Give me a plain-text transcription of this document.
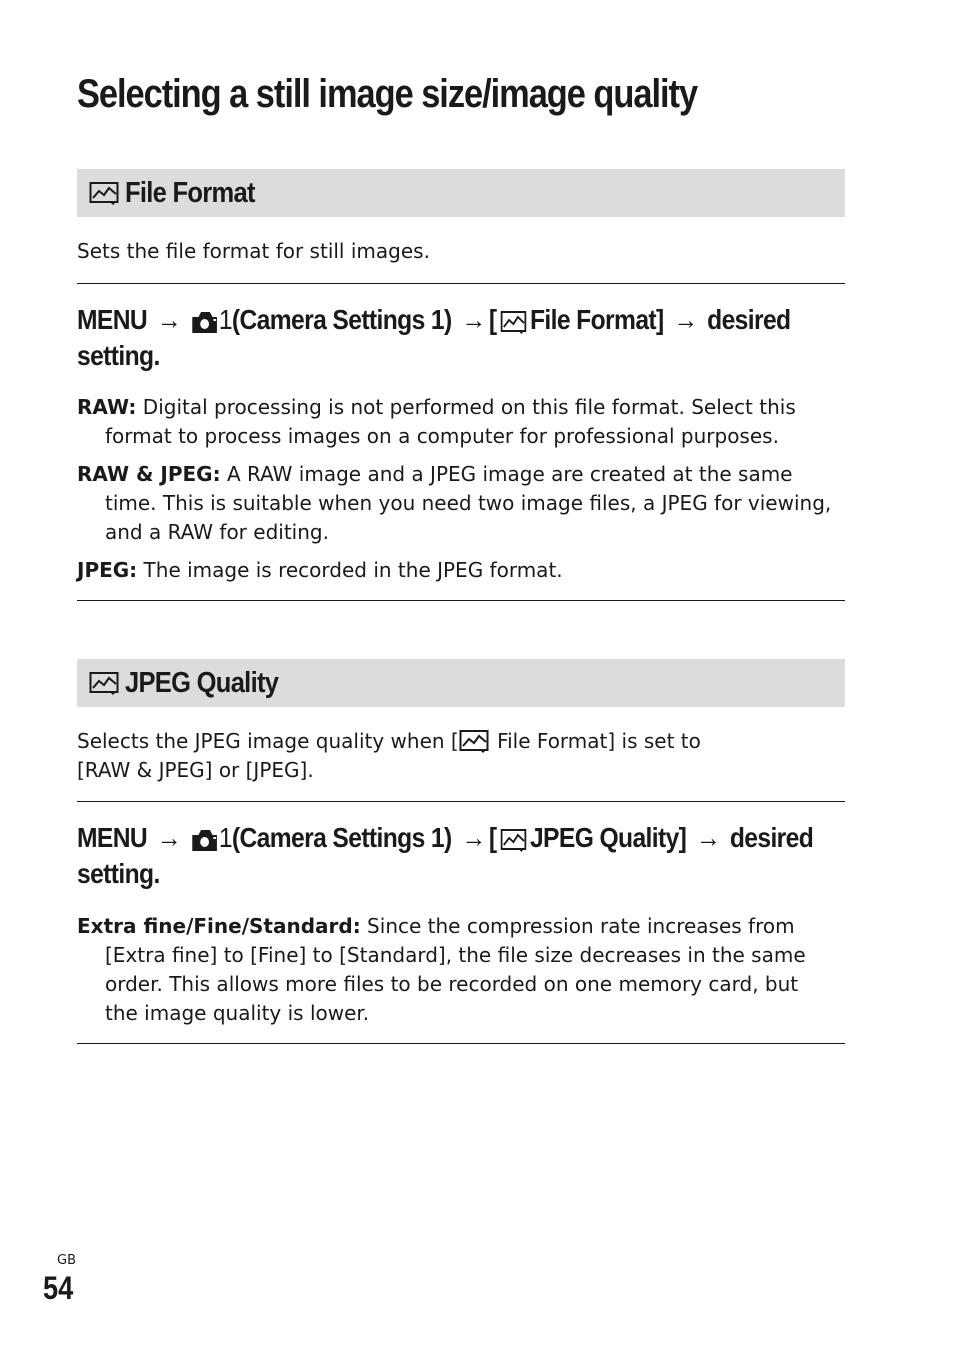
Selecting a still image size/image quality
File Format

Sets the file format for still images.

MENU → 1(Camera Settings 1) → [ File Format] → desired
setting.

RAW: Digital processing is not performed on this file format. Select this format to process images on a computer for professional purposes.

RAW & JPEG: A RAW image and a JPEG image are created at the same time. This is suitable when you need two image files, a JPEG for viewing, and a RAW for editing.

JPEG: The image is recorded in the JPEG format.

JPEG Quality

Selects the JPEG image quality when [
File Format] is set to [RAW & JPEG] or [JPEG].

MENU → 1(Camera Settings 1) → [ JPEG Quality] → desired
setting.

Extra fine/Fine/Standard: Since the compression rate increases from [Extra fine] to [Fine] to [Standard], the file size decreases in the same order. This allows more files to be recorded on one memory card, but the image quality is lower.

GB
54
